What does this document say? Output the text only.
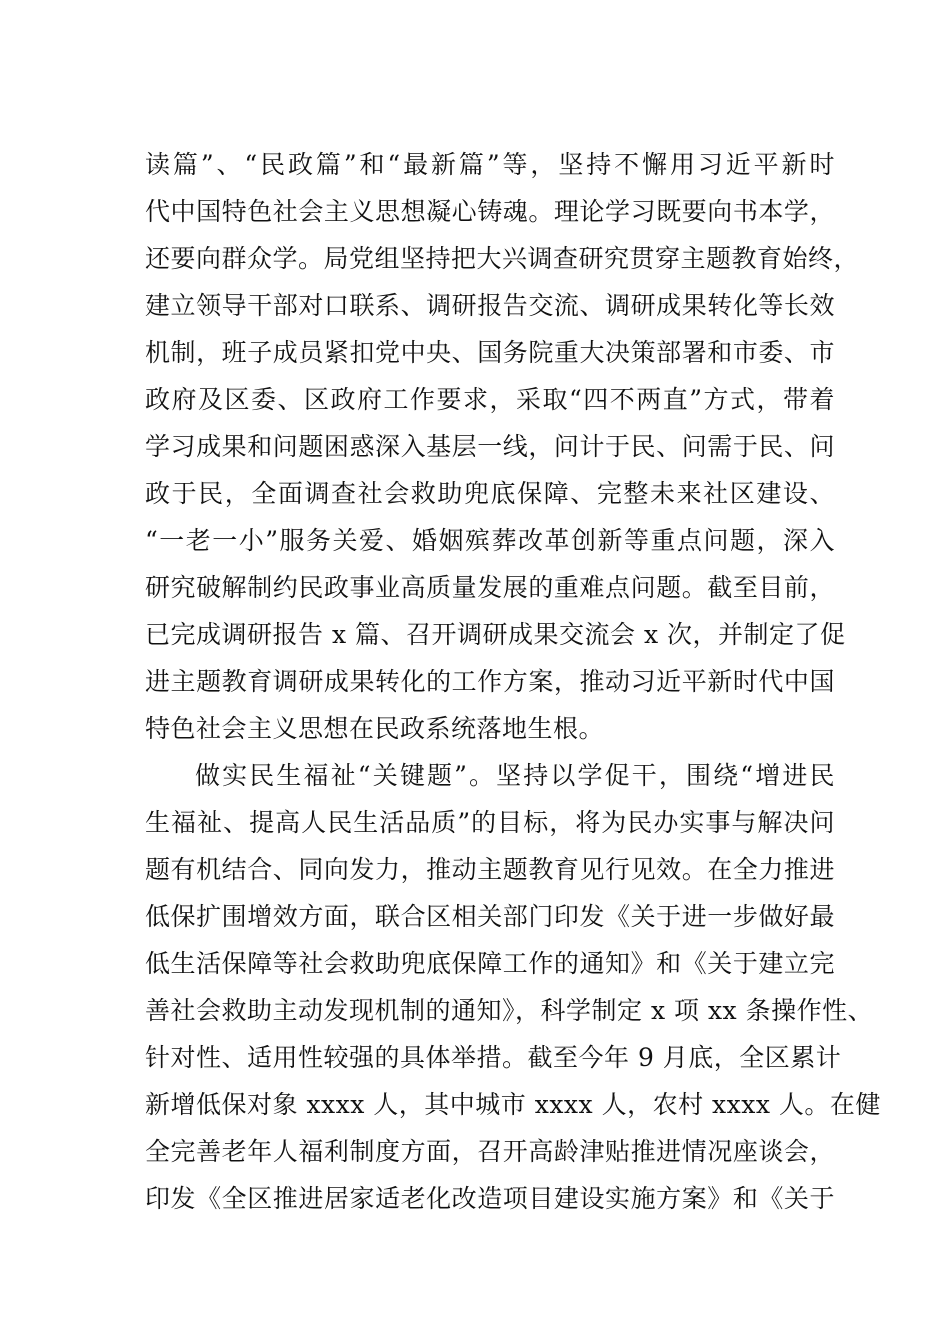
读篇”、“民政篇”和“最新篇”等，坚持不懈用习近平新时
代中国特色社会主义思想凝心铸魂。理论学习既要向书本学，
还要向群众学。局党组坚持把大兴调查研究贯穿主题教育始终，
建立领导干部对口联系、调研报告交流、调研成果转化等长效
机制，班子成员紧扣党中央、国务院重大决策部署和市委、市
政府及区委、区政府工作要求，采取“四不两直”方式，带着
学习成果和问题困惑深入基层一线，问计于民、问需于民、问
政于民，全面调查社会救助兜底保障、完整未来社区建设、
“一老一小”服务关爱、婚姻殡葬改革创新等重点问题，深入
研究破解制约民政事业高质量发展的重难点问题。截至目前，
已完成调研报告 x 篇、召开调研成果交流会 x 次，并制定了促
进主题教育调研成果转化的工作方案，推动习近平新时代中国
特色社会主义思想在民政系统落地生根。
做实民生福祉“关键题”。坚持以学促干，围绕“增进民
生福祉、提高人民生活品质”的目标，将为民办实事与解决问
题有机结合、同向发力，推动主题教育见行见效。在全力推进
低保扩围增效方面，联合区相关部门印发《关于进一步做好最
低生活保障等社会救助兜底保障工作的通知》和《关于建立完
善社会救助主动发现机制的通知》，科学制定 x 项 xx 条操作性、
针对性、适用性较强的具体举措。截至今年 9 月底，全区累计
新增低保对象 xxxx 人，其中城市 xxxx 人，农村 xxxx 人。在健
全完善老年人福利制度方面，召开高龄津贴推进情况座谈会，
印发《全区推进居家适老化改造项目建设实施方案》和《关于
